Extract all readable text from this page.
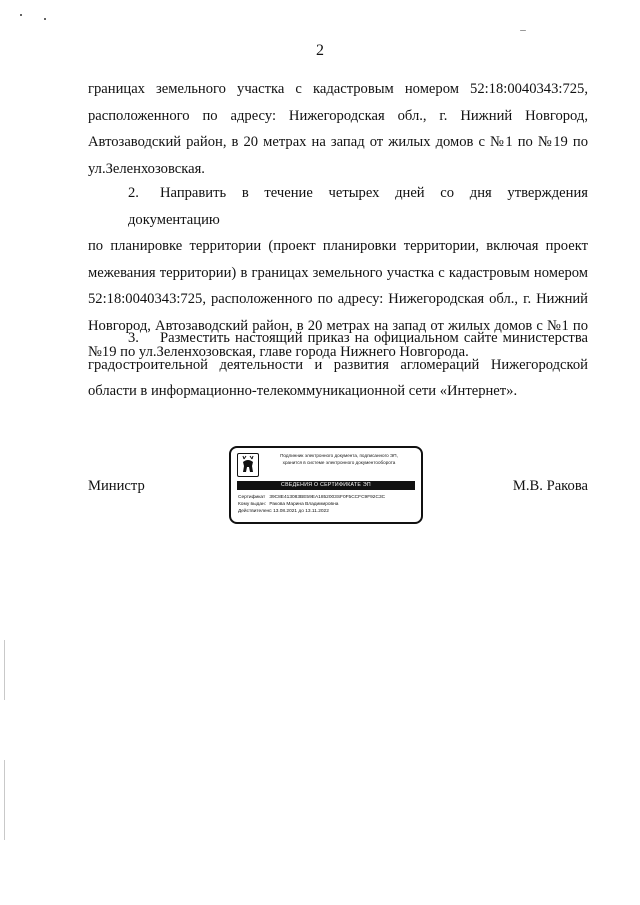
2
границах земельного участка с кадастровым номером 52:18:0040343:725,
расположенного по адресу: Нижегородская обл., г. Нижний Новгород,
Автозаводский район, в 20 метрах на запад от жилых домов с №1 по №19 по
ул.Зеленхозовская.
2. Направить в течение четырех дней со дня утверждения документацию
по планировке территории (проект планировки территории, включая проект
межевания территории) в границах земельного участка с кадастровым номером
52:18:0040343:725, расположенного по адресу: Нижегородская обл., г. Нижний
Новгород, Автозаводский район, в 20 метрах на запад от жилых домов с №1 по
№19 по ул.Зеленхозовская, главе города Нижнего Новгорода.
3. Разместить настоящий приказ на официальном сайте министерства
градостроительной деятельности и развития агломераций Нижегородской
области в информационно-телекоммуникационной сети «Интернет».
Министр	М.В. Ракова
Подлинник электронного документа, подписанного ЭП,
хранится в системе электронного документооборота
СВЕДЕНИЯ О СЕРТИФИКАТЕ ЭП
Сертификат 39C8E413083BE59EA1852003SF0F5CCFC9F92C3C
Кому выдан: Ракова Марина Владимировна
Действителен: с 13.08.2021 до 13.11.2022
